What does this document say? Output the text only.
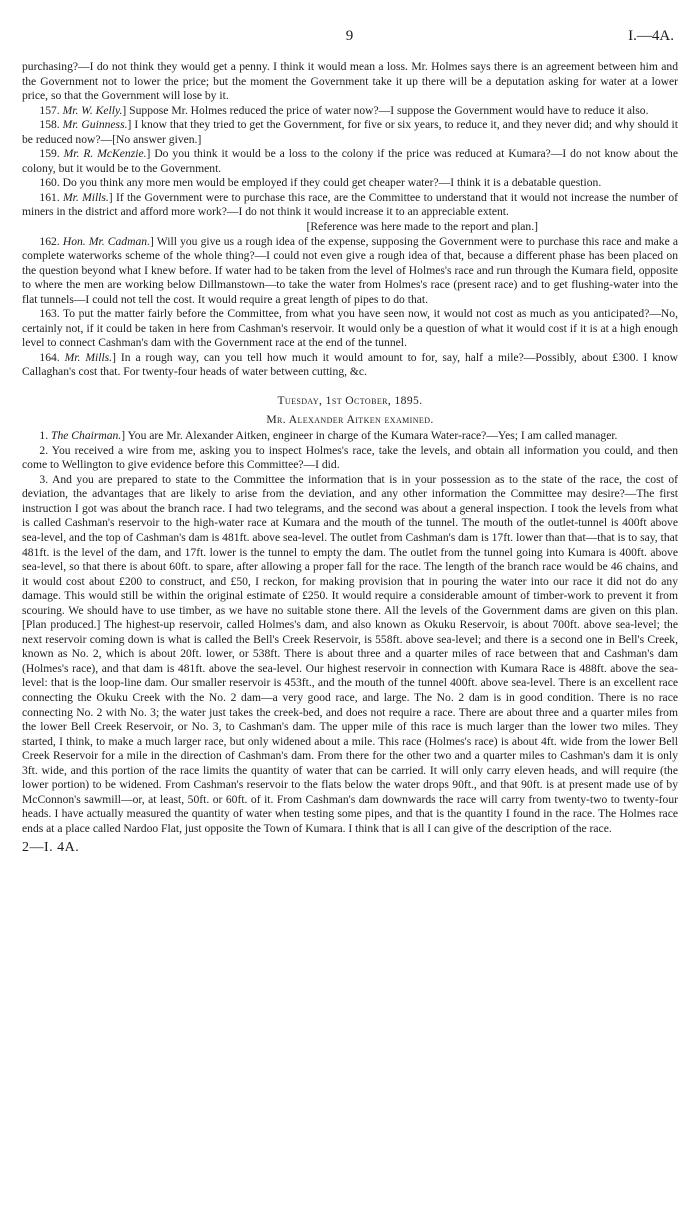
9	I.—4A.

purchasing?—I do not think they would get a penny. I think it would mean a loss. Mr. Holmes says there is an agreement between him and the Government not to lower the price; but the moment the Government take it up there will be a deputation asking for water at a lower price, so that the Government will lose by it.

157. Mr. W. Kelly.] Suppose Mr. Holmes reduced the price of water now?—I suppose the Government would have to reduce it also.

158. Mr. Guinness.] I know that they tried to get the Government, for five or six years, to reduce it, and they never did; and why should it be reduced now?—[No answer given.]

159. Mr. R. McKenzie.] Do you think it would be a loss to the colony if the price was reduced at Kumara?—I do not know about the colony, but it would be to the Government.

160. Do you think any more men would be employed if they could get cheaper water?—I think it is a debatable question.

161. Mr. Mills.] If the Government were to purchase this race, are the Committee to understand that it would not increase the number of miners in the district and afford more work?—I do not think it would increase it to an appreciable extent.

[Reference was here made to the report and plan.]

162. Hon. Mr. Cadman.] Will you give us a rough idea of the expense, supposing the Government were to purchase this race and make a complete waterworks scheme of the whole thing?—I could not even give a rough idea of that, because a different phase has been placed on the question beyond what I knew before. If water had to be taken from the level of Holmes's race and run through the Kumara field, opposite to where the men are working below Dillmanstown—to take the water from Holmes's race (present race) and to get flushing-water into the flat tunnels—I could not tell the cost. It would require a great length of pipes to do that.

163. To put the matter fairly before the Committee, from what you have seen now, it would not cost as much as you anticipated?—No, certainly not, if it could be taken in here from Cashman's reservoir. It would only be a question of what it would cost if it is at a high enough level to connect Cashman's dam with the Government race at the end of the tunnel.

164. Mr. Mills.] In a rough way, can you tell how much it would amount to for, say, half a mile?—Possibly, about £300. I know Callaghan's cost that. For twenty-four heads of water between cutting, &c.

Tuesday, 1st October, 1895.

Mr. Alexander Aitken examined.

1. The Chairman.] You are Mr. Alexander Aitken, engineer in charge of the Kumara Water-race?—Yes; I am called manager.

2. You received a wire from me, asking you to inspect Holmes's race, take the levels, and obtain all information you could, and then come to Wellington to give evidence before this Committee?—I did.

3. And you are prepared to state to the Committee the information that is in your possession as to the state of the race, the cost of deviation, the advantages that are likely to arise from the deviation, and any other information the Committee may desire?—The first instruction I got was about the branch race. I had two telegrams, and the second was about a general inspection. I took the levels from what is called Cashman's reservoir to the high-water race at Kumara and the mouth of the tunnel. The mouth of the outlet-tunnel is 400ft above sea-level, and the top of Cashman's dam is 481ft. above sea-level. The outlet from Cashman's dam is 17ft. lower than that—that is to say, that 481ft. is the level of the dam, and 17ft. lower is the tunnel to empty the dam. The outlet from the tunnel going into Kumara is 400ft. above sea-level, so that there is about 60ft. to spare, after allowing a proper fall for the race. The length of the branch race would be 46 chains, and it would cost about £200 to construct, and £50, I reckon, for making provision that in pouring the water into our race it did not do any damage. This would still be within the original estimate of £250. It would require a considerable amount of timber-work to prevent it from scouring. We should have to use timber, as we have no suitable stone there. All the levels of the Government dams are given on this plan. [Plan produced.] The highest-up reservoir, called Holmes's dam, and also known as Okuku Reservoir, is about 700ft. above sea-level; the next reservoir coming down is what is called the Bell's Creek Reservoir, is 558ft. above sea-level; and there is a second one in Bell's Creek, known as No. 2, which is about 20ft. lower, or 538ft. There is about three and a quarter miles of race between that and Cashman's dam (Holmes's race), and that dam is 481ft. above the sea-level. Our highest reservoir in connection with Kumara Race is 488ft. above the sea-level: that is the loop-line dam. Our smaller reservoir is 453ft., and the mouth of the tunnel 400ft. above sea-level. There is an excellent race connecting the Okuku Creek with the No. 2 dam—a very good race, and large. The No. 2 dam is in good condition. There is no race connecting No. 2 with No. 3; the water just takes the creek-bed, and does not require a race. There are about three and a quarter miles from the lower Bell Creek Reservoir, or No. 3, to Cashman's dam. The upper mile of this race is much larger than the lower two miles. They started, I think, to make a much larger race, but only widened about a mile. This race (Holmes's race) is about 4ft. wide from the lower Bell Creek Reservoir for a mile in the direction of Cashman's dam. From there for the other two and a quarter miles to Cashman's dam it is only 3ft. wide, and this portion of the race limits the quantity of water that can be carried. It will only carry eleven heads, and will require (the lower portion) to be widened. From Cashman's reservoir to the flats below the water drops 90ft., and that 90ft. is at present made use of by McConnon's sawmill—or, at least, 50ft. or 60ft. of it. From Cashman's dam downwards the race will carry from twenty-two to twenty-four heads. I have actually measured the quantity of water when testing some pipes, and that is the quantity I found in the race. The Holmes race ends at a place called Nardoo Flat, just opposite the Town of Kumara. I think that is all I can give of the description of the race.

2—I. 4A.
